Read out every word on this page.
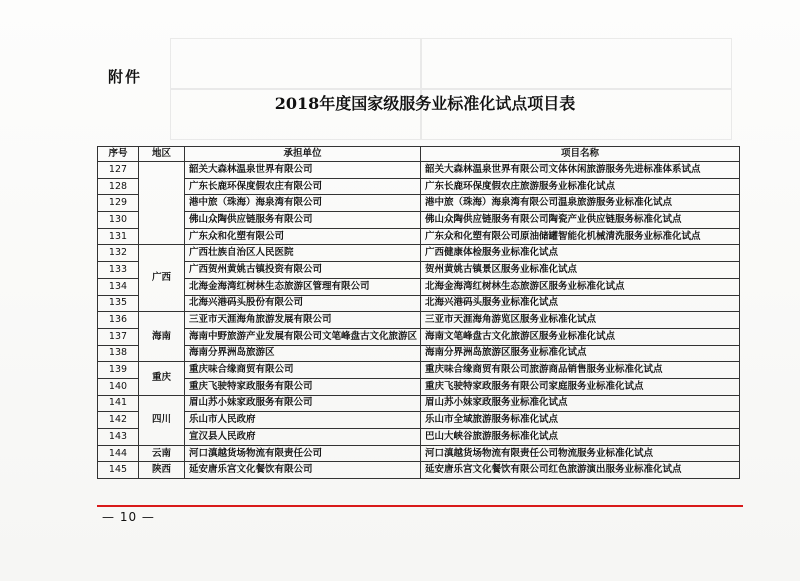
附件
2018年度国家级服务业标准化试点项目表
序号	地区	承担单位	项目名称
127		韶关大森林温泉世界有限公司	韶关大森林温泉世界有限公司文体休闲旅游服务先进标准体系试点
128		广东长鹿环保度假农庄有限公司	广东长鹿环保度假农庄旅游服务业标准化试点
129		港中旅（珠海）海泉湾有限公司	港中旅（珠海）海泉湾有限公司温泉旅游服务业标准化试点
130		佛山众陶供应链服务有限公司	佛山众陶供应链服务有限公司陶瓷产业供应链服务标准化试点
131		广东众和化塑有限公司	广东众和化塑有限公司原油储罐智能化机械清洗服务业标准化试点
132	广西	广西壮族自治区人民医院	广西健康体检服务业标准化试点
133		广西贺州黄姚古镇投资有限公司	贺州黄姚古镇景区服务业标准化试点
134		北海金海湾红树林生态旅游区管理有限公司	北海金海湾红树林生态旅游区服务业标准化试点
135		北海兴港码头股份有限公司	北海兴港码头服务业标准化试点
136	海南	三亚市天涯海角旅游发展有限公司	三亚市天涯海角游览区服务业标准化试点
137		海南中野旅游产业发展有限公司文笔峰盘古文化旅游区	海南文笔峰盘古文化旅游区服务业标准化试点
138		海南分界洲岛旅游区	海南分界洲岛旅游区服务业标准化试点
139	重庆	重庆味合缘商贸有限公司	重庆味合缘商贸有限公司旅游商品销售服务业标准化试点
140		重庆飞驶特家政服务有限公司	重庆飞驶特家政服务有限公司家庭服务业标准化试点
141	四川	眉山苏小妹家政服务有限公司	眉山苏小妹家政服务业标准化试点
142		乐山市人民政府	乐山市全域旅游服务标准化试点
143		宣汉县人民政府	巴山大峡谷旅游服务标准化试点
144	云南	河口滇越货场物流有限责任公司	河口滇越货场物流有限责任公司物流服务业标准化试点
145	陕西	延安唐乐宫文化餐饮有限公司	延安唐乐宫文化餐饮有限公司红色旅游演出服务业标准化试点
— 10 —
